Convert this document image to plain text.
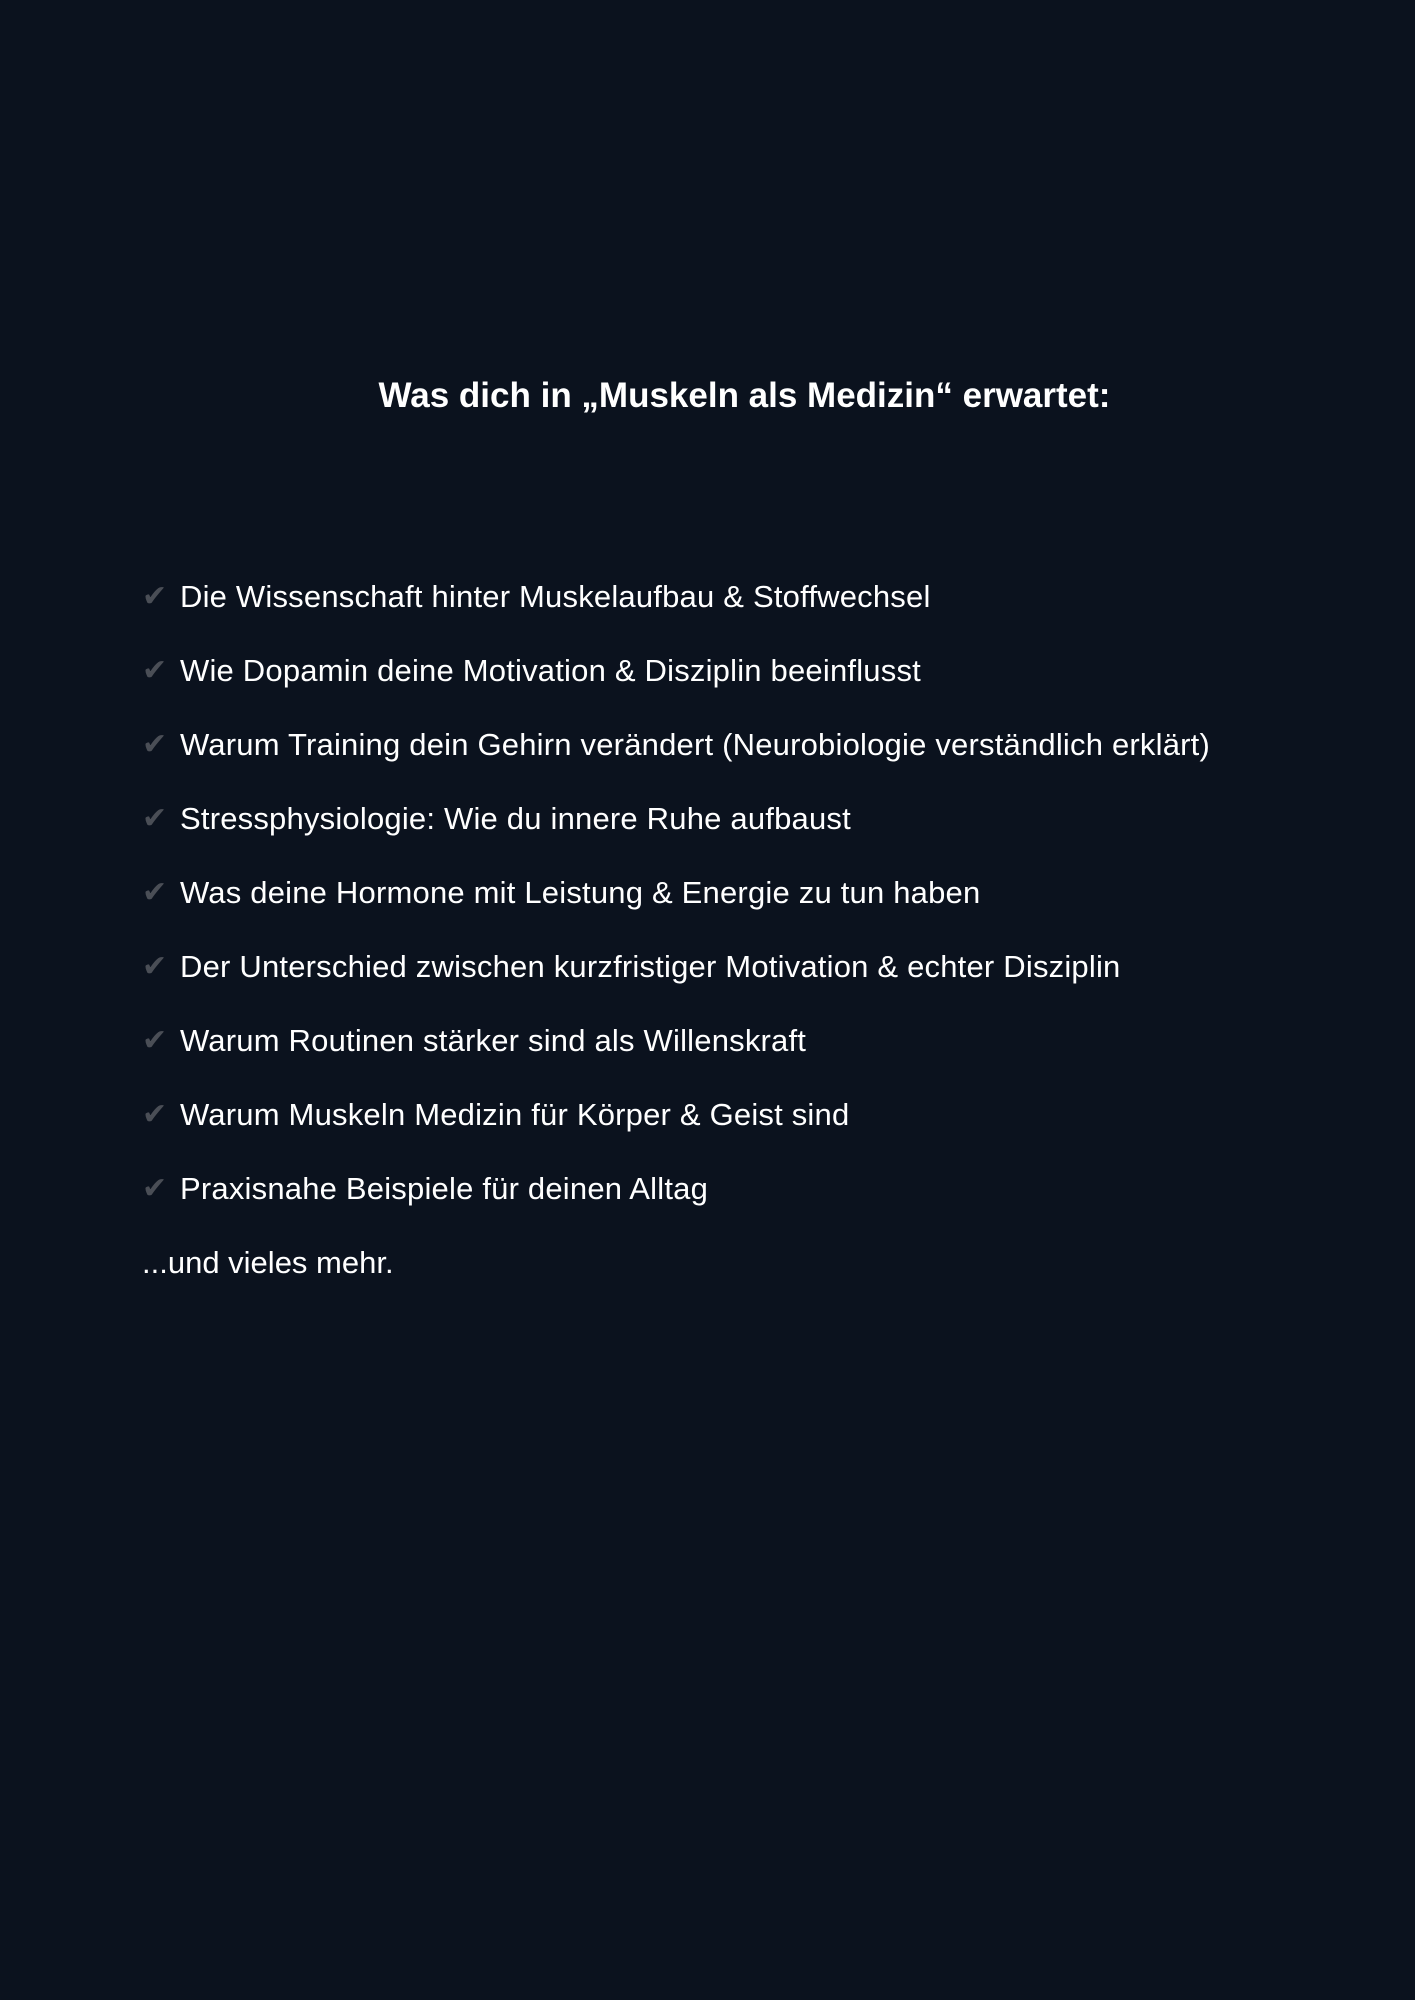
Was dich in „Muskeln als Medizin“ erwartet:
✔ Die Wissenschaft hinter Muskelaufbau & Stoffwechsel
✔ Wie Dopamin deine Motivation & Disziplin beeinflusst
✔ Warum Training dein Gehirn verändert (Neurobiologie verständlich erklärt)
✔ Stressphysiologie: Wie du innere Ruhe aufbaust
✔ Was deine Hormone mit Leistung & Energie zu tun haben
✔ Der Unterschied zwischen kurzfristiger Motivation & echter Disziplin
✔ Warum Routinen stärker sind als Willenskraft
✔ Warum Muskeln Medizin für Körper & Geist sind
✔ Praxisnahe Beispiele für deinen Alltag
...und vieles mehr.
